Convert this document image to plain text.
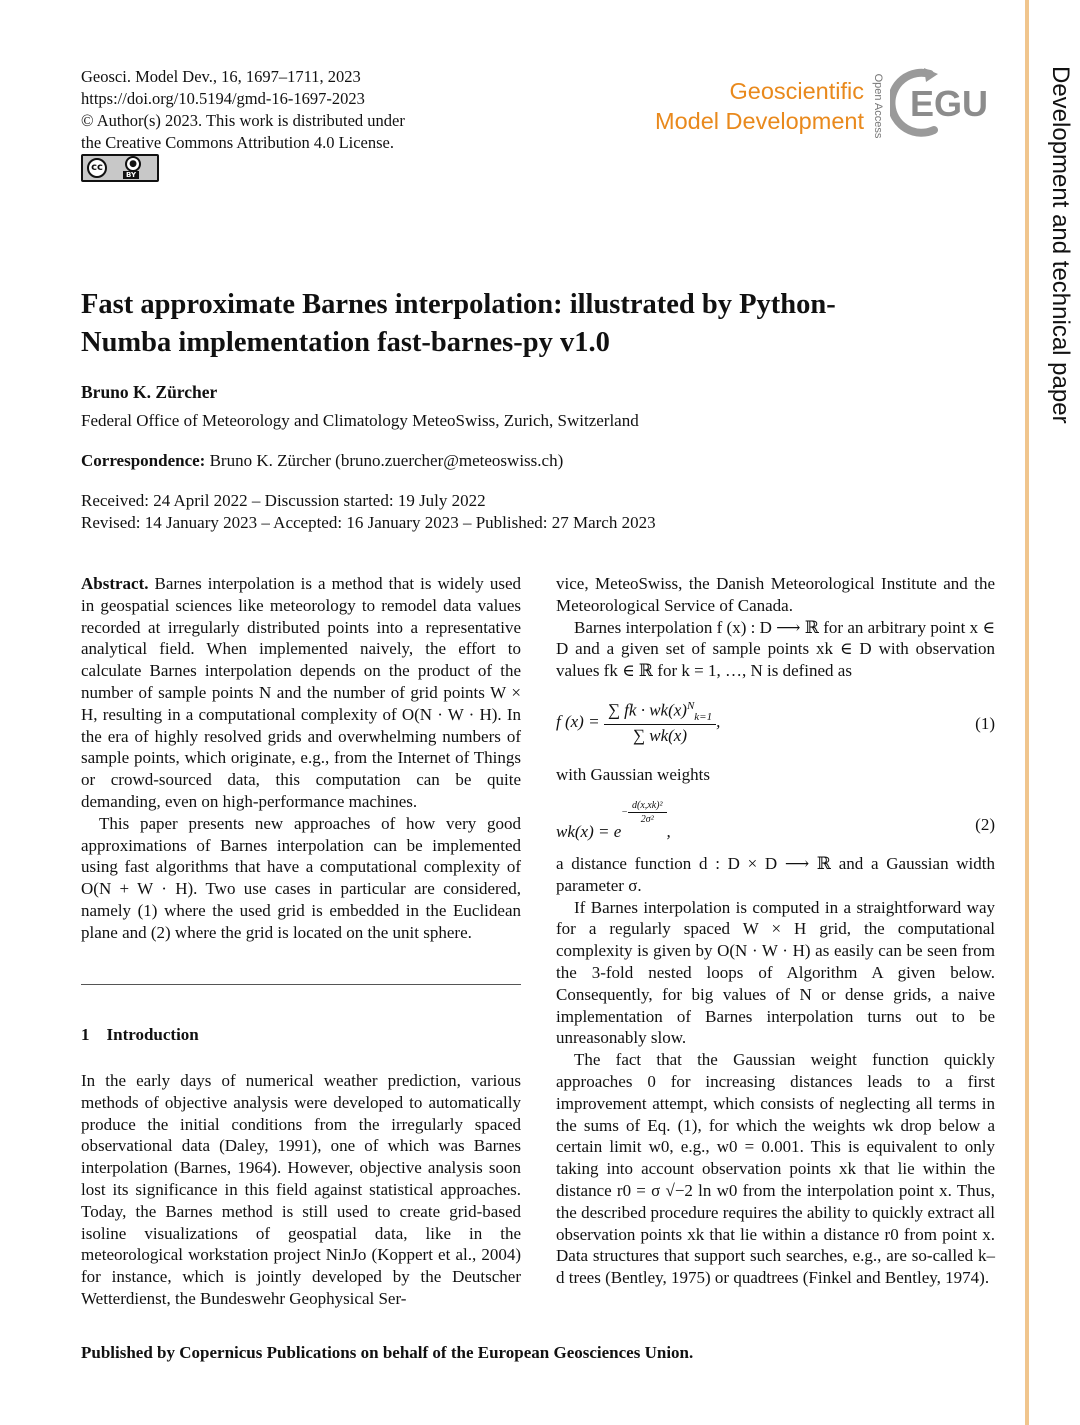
Geosci. Model Dev., 16, 1697–1711, 2023
https://doi.org/10.5194/gmd-16-1697-2023
© Author(s) 2023. This work is distributed under
the Creative Commons Attribution 4.0 License.
cc	●
BY
Geoscientific
Model Development Open Access EGU Development and technical paper
Fast approximate Barnes interpolation: illustrated by Python-Numba implementation fast-barnes-py v1.0
Bruno K. Zürcher
Federal Office of Meteorology and Climatology MeteoSwiss, Zurich, Switzerland
Correspondence: Bruno K. Zürcher (bruno.zuercher@meteoswiss.ch)
Received: 24 April 2022 – Discussion started: 19 July 2022
Revised: 14 January 2023 – Accepted: 16 January 2023 – Published: 27 March 2023

Abstract. Barnes interpolation is a method that is widely used in geospatial sciences like meteorology to remodel data values recorded at irregularly distributed points into a representative analytical field. When implemented naively, the effort to calculate Barnes interpolation depends on the product of the number of sample points N and the number of grid points W × H, resulting in a computational complexity of O(N · W · H). In the era of highly resolved grids and overwhelming numbers of sample points, which originate, e.g., from the Internet of Things or crowd-sourced data, this computation can be quite demanding, even on high-performance machines.

This paper presents new approaches of how very good approximations of Barnes interpolation can be implemented using fast algorithms that have a computational complexity of O(N + W · H). Two use cases in particular are considered, namely (1) where the used grid is embedded in the Euclidean plane and (2) where the grid is located on the unit sphere.

1 Introduction
In the early days of numerical weather prediction, various methods of objective analysis were developed to automatically produce the initial conditions from the irregularly spaced observational data (Daley, 1991), one of which was Barnes interpolation (Barnes, 1964). However, objective analysis soon lost its significance in this field against statistical approaches. Today, the Barnes method is still used to create grid-based isoline visualizations of geospatial data, like in the meteorological workstation project NinJo (Koppert et al., 2004) for instance, which is jointly developed by the Deutscher Wetterdienst, the Bundeswehr Geophysical Ser-

vice, MeteoSwiss, the Danish Meteorological Institute and the Meteorological Service of Canada.

Barnes interpolation f (x) : D ⟶ ℝ for an arbitrary point x ∈ D and a given set of sample points xk ∈ D with observation values fk ∈ ℝ for k = 1, …, N is defined as

f $(x) = \frac{\sum fk \cdot wk(x)^N_{k=1}}{\sum wk(x)}$ ,	(1)
with Gaussian weights
$wk(x) = e- \frac{\text{d(x,xk)²}}{\text{2σ²}}$
,	(2)

a distance function d : D × D ⟶ ℝ and a Gaussian width parameter σ.

If Barnes interpolation is computed in a straightforward way for a regularly spaced W × H grid, the computational complexity is given by O(N · W · H) as easily can be seen from the 3-fold nested loops of Algorithm A given below. Consequently, for big values of N or dense grids, a naive implementation of Barnes interpolation turns out to be unreasonably slow.

The fact that the Gaussian weight function quickly approaches 0 for increasing distances leads to a first improvement attempt, which consists of neglecting all terms in the sums of Eq. (1), for which the weights wk drop below a certain limit w0, e.g., w0 = 0.001. This is equivalent to only taking into account observation points xk that lie within the distance r0 = σ √−2 ln w0 from the interpolation point x. Thus, the described procedure requires the ability to quickly extract all observation points xk that lie within a distance r0 from point x. Data structures that support such searches, e.g., are so-called k–d trees (Bentley, 1975) or quadtrees (Finkel and Bentley, 1974).

Published by Copernicus Publications on behalf of the European Geosciences Union.
